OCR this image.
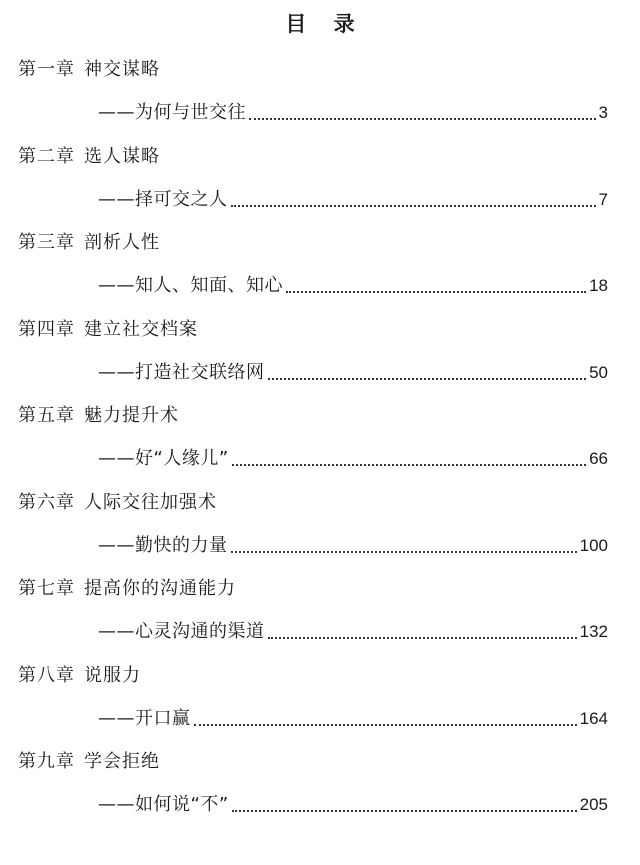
目 录
第一章 神交谋略
——为何与世交往	3
第二章 选人谋略
——择可交之人	7
第三章 剖析人性
——知人、知面、知心	18
第四章 建立社交档案
——打造社交联络网	50
第五章 魅力提升术
——好“人缘儿”	66
第六章 人际交往加强术
——勤快的力量	100
第七章 提高你的沟通能力
——心灵沟通的渠道	132
第八章 说服力
——开口赢	164
第九章 学会拒绝
——如何说“不”	205
